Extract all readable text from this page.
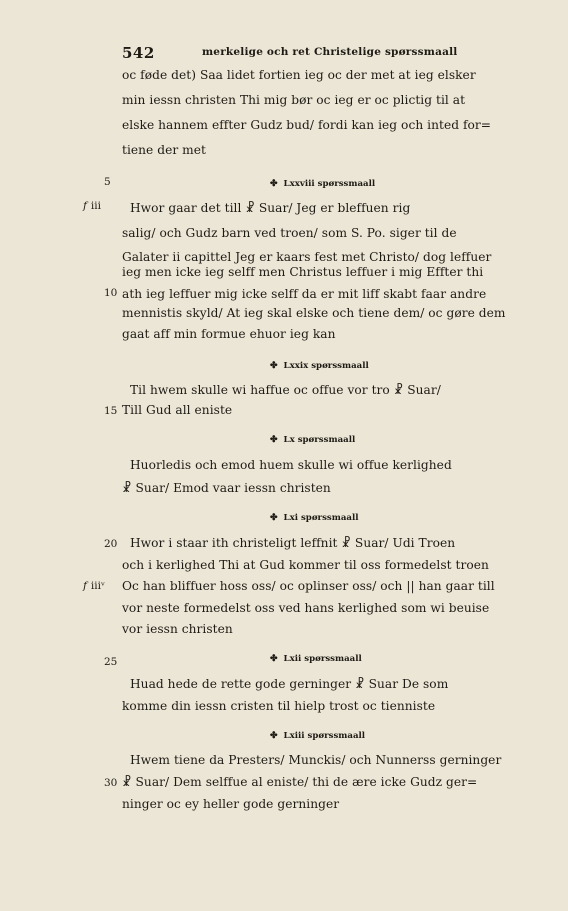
542	merkelige och ret Christelige spørssmaall
oc føde det) Saa lidet fortien ieg oc der met at ieg elsker
min iessn christen Thi mig bør oc ieg er oc plictig til at
elske hannem effter Gudz bud/ fordi kan ieg och inted for=
tiene der met
✤ Lxxviii spørssmaall
Hwor gaar det till ☧ Suar/ Jeg er bleffuen rig
salig/ och Gudz barn ved troen/ som S. Po. siger til de
Galater ii capittel Jeg er kaars fest met Christo/ dog leffuer
ieg men icke ieg selff men Christus leffuer i mig Effter thi
ath ieg leffuer mig icke selff da er mit liff skabt faar andre
mennistis skyld/ At ieg skal elske och tiene dem/ oc gøre dem
gaat aff min formue ehuor ieg kan
✤ Lxxix spørssmaall
Til hwem skulle wi haffue oc offue vor tro ☧ Suar/
Till Gud all eniste
✤ Lx spørssmaall
Huorledis och emod huem skulle wi offue kerlighed
☧ Suar/ Emod vaar iessn christen
✤ Lxi spørssmaall
Hwor i staar ith christeligt leffnit ☧ Suar/ Udi Troen
och i kerlighed Thi at Gud kommer til oss formedelst troen
Oc han bliffuer hoss oss/ oc oplinser oss/ och || han gaar till
vor neste formedelst oss ved hans kerlighed som wi beuise
vor iessn christen
✤ Lxii spørssmaall
Huad hede de rette gode gerninger ☧ Suar De som
komme din iessn cristen til hielp trost oc tienniste
✤ Lxiii spørssmaall
Hwem tiene da Presters/ Munckis/ och Nunnerss gerninger
☧ Suar/ Dem selffue al eniste/ thi de ære icke Gudz ger=
ninger oc ey heller gode gerninger
5
10
15
20
25
30
f iii
f iiiᵛ
